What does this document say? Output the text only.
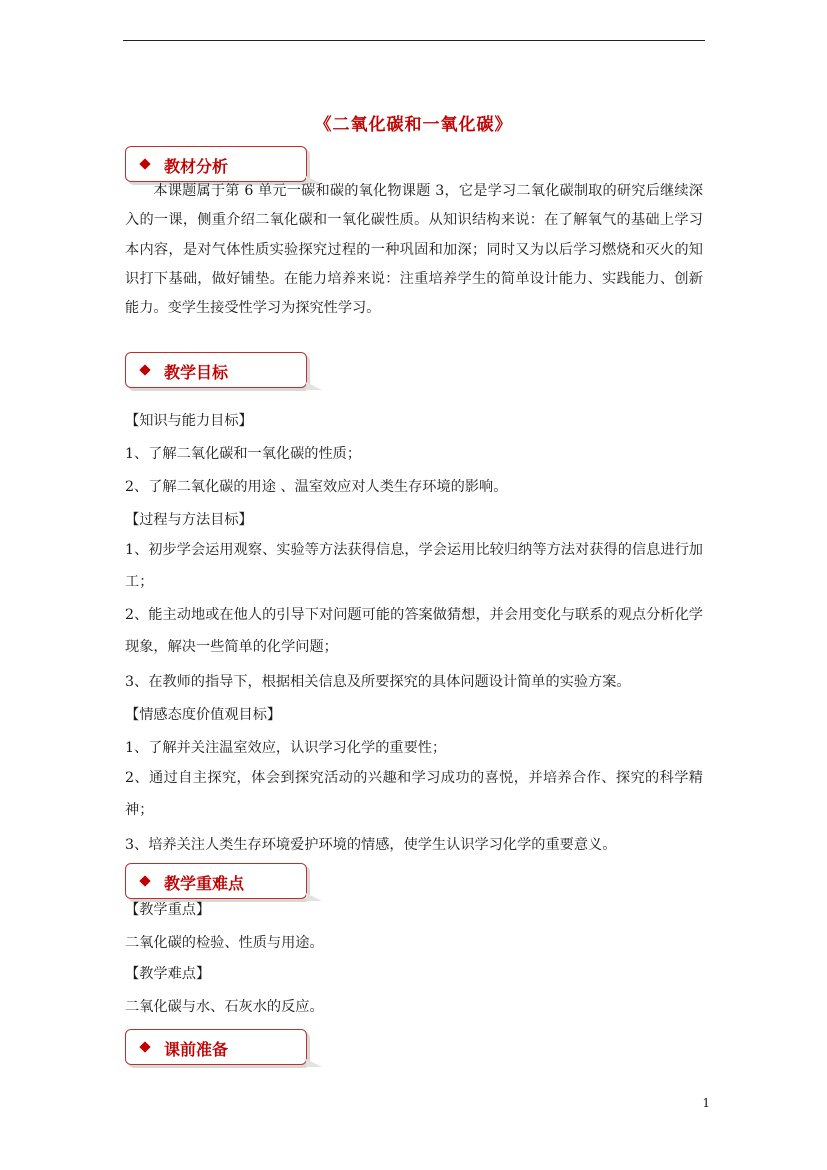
《二氧化碳和一氧化碳》
教材分析

本课题属于第 6 单元一碳和碳的氧化物课题 3，它是学习二氧化碳制取的研究后继续深入的一课，侧重介绍二氧化碳和一氧化碳性质。从知识结构来说：在了解氧气的基础上学习本内容，是对气体性质实验探究过程的一种巩固和加深；同时又为以后学习燃烧和灭火的知识打下基础，做好铺垫。在能力培养来说：注重培养学生的简单设计能力、实践能力、创新能力。变学生接受性学习为探究性学习。

教学目标

【知识与能力目标】

1、了解二氧化碳和一氧化碳的性质；

2、了解二氧化碳的用途 、温室效应对人类生存环境的影响。

【过程与方法目标】

1、初步学会运用观察、实验等方法获得信息，学会运用比较归纳等方法对获得的信息进行加工；

2、能主动地或在他人的引导下对问题可能的答案做猜想，并会用变化与联系的观点分析化学现象，解决一些简单的化学问题；

3、在教师的指导下，根据相关信息及所要探究的具体问题设计简单的实验方案。

【情感态度价值观目标】

1、了解并关注温室效应，认识学习化学的重要性；

2、通过自主探究，体会到探究活动的兴趣和学习成功的喜悦，并培养合作、探究的科学精神；

3、培养关注人类生存环境爱护环境的情感，使学生认识学习化学的重要意义。

教学重难点

【教学重点】

二氧化碳的检验、性质与用途。

【教学难点】

二氧化碳与水、石灰水的反应。

课前准备
1
